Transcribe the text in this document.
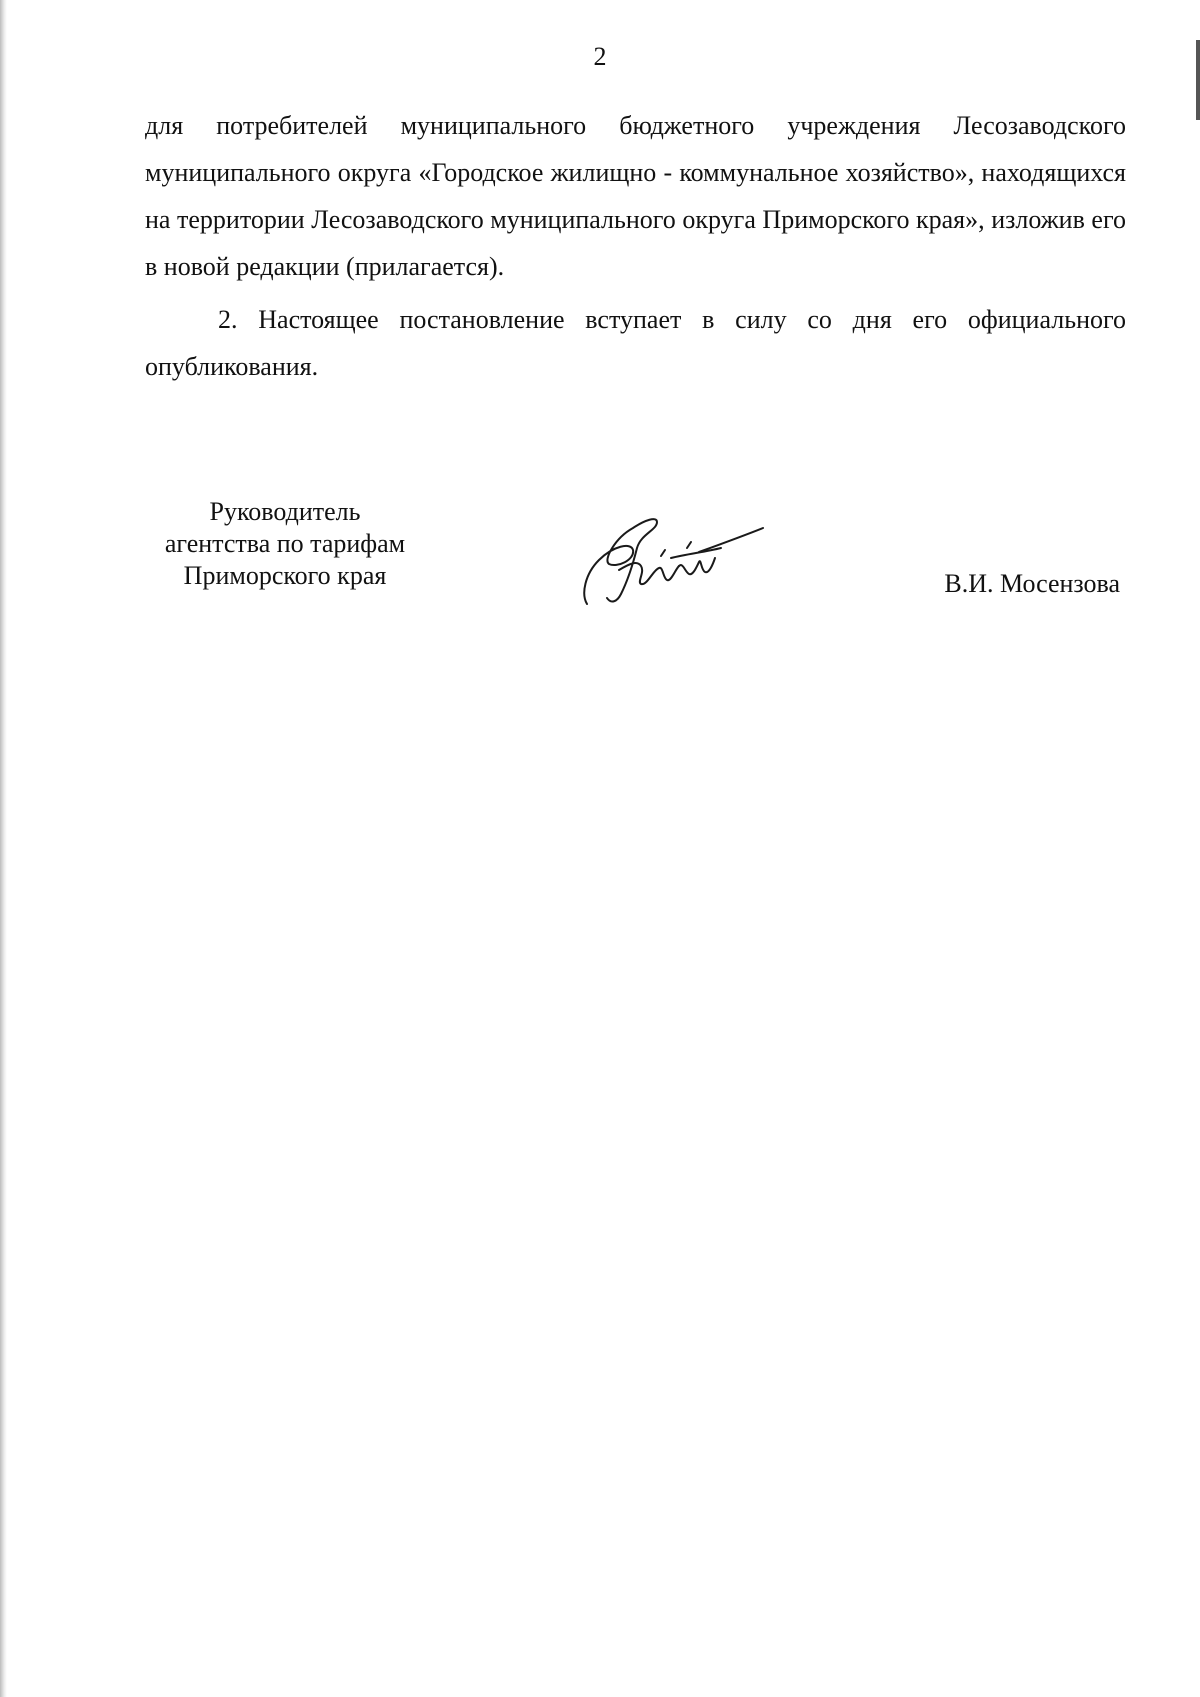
2

для потребителей муниципального бюджетного учреждения Лесозаводского муниципального округа «Городское жилищно - коммунальное хозяйство», находящихся на территории Лесозаводского муниципального округа Приморского края», изложив его в новой редакции (прилагается).

2. Настоящее постановление вступает в силу со дня его официального опубликования.

Руководитель
агентства по тарифам
Приморского края	В.И. Мосензова
